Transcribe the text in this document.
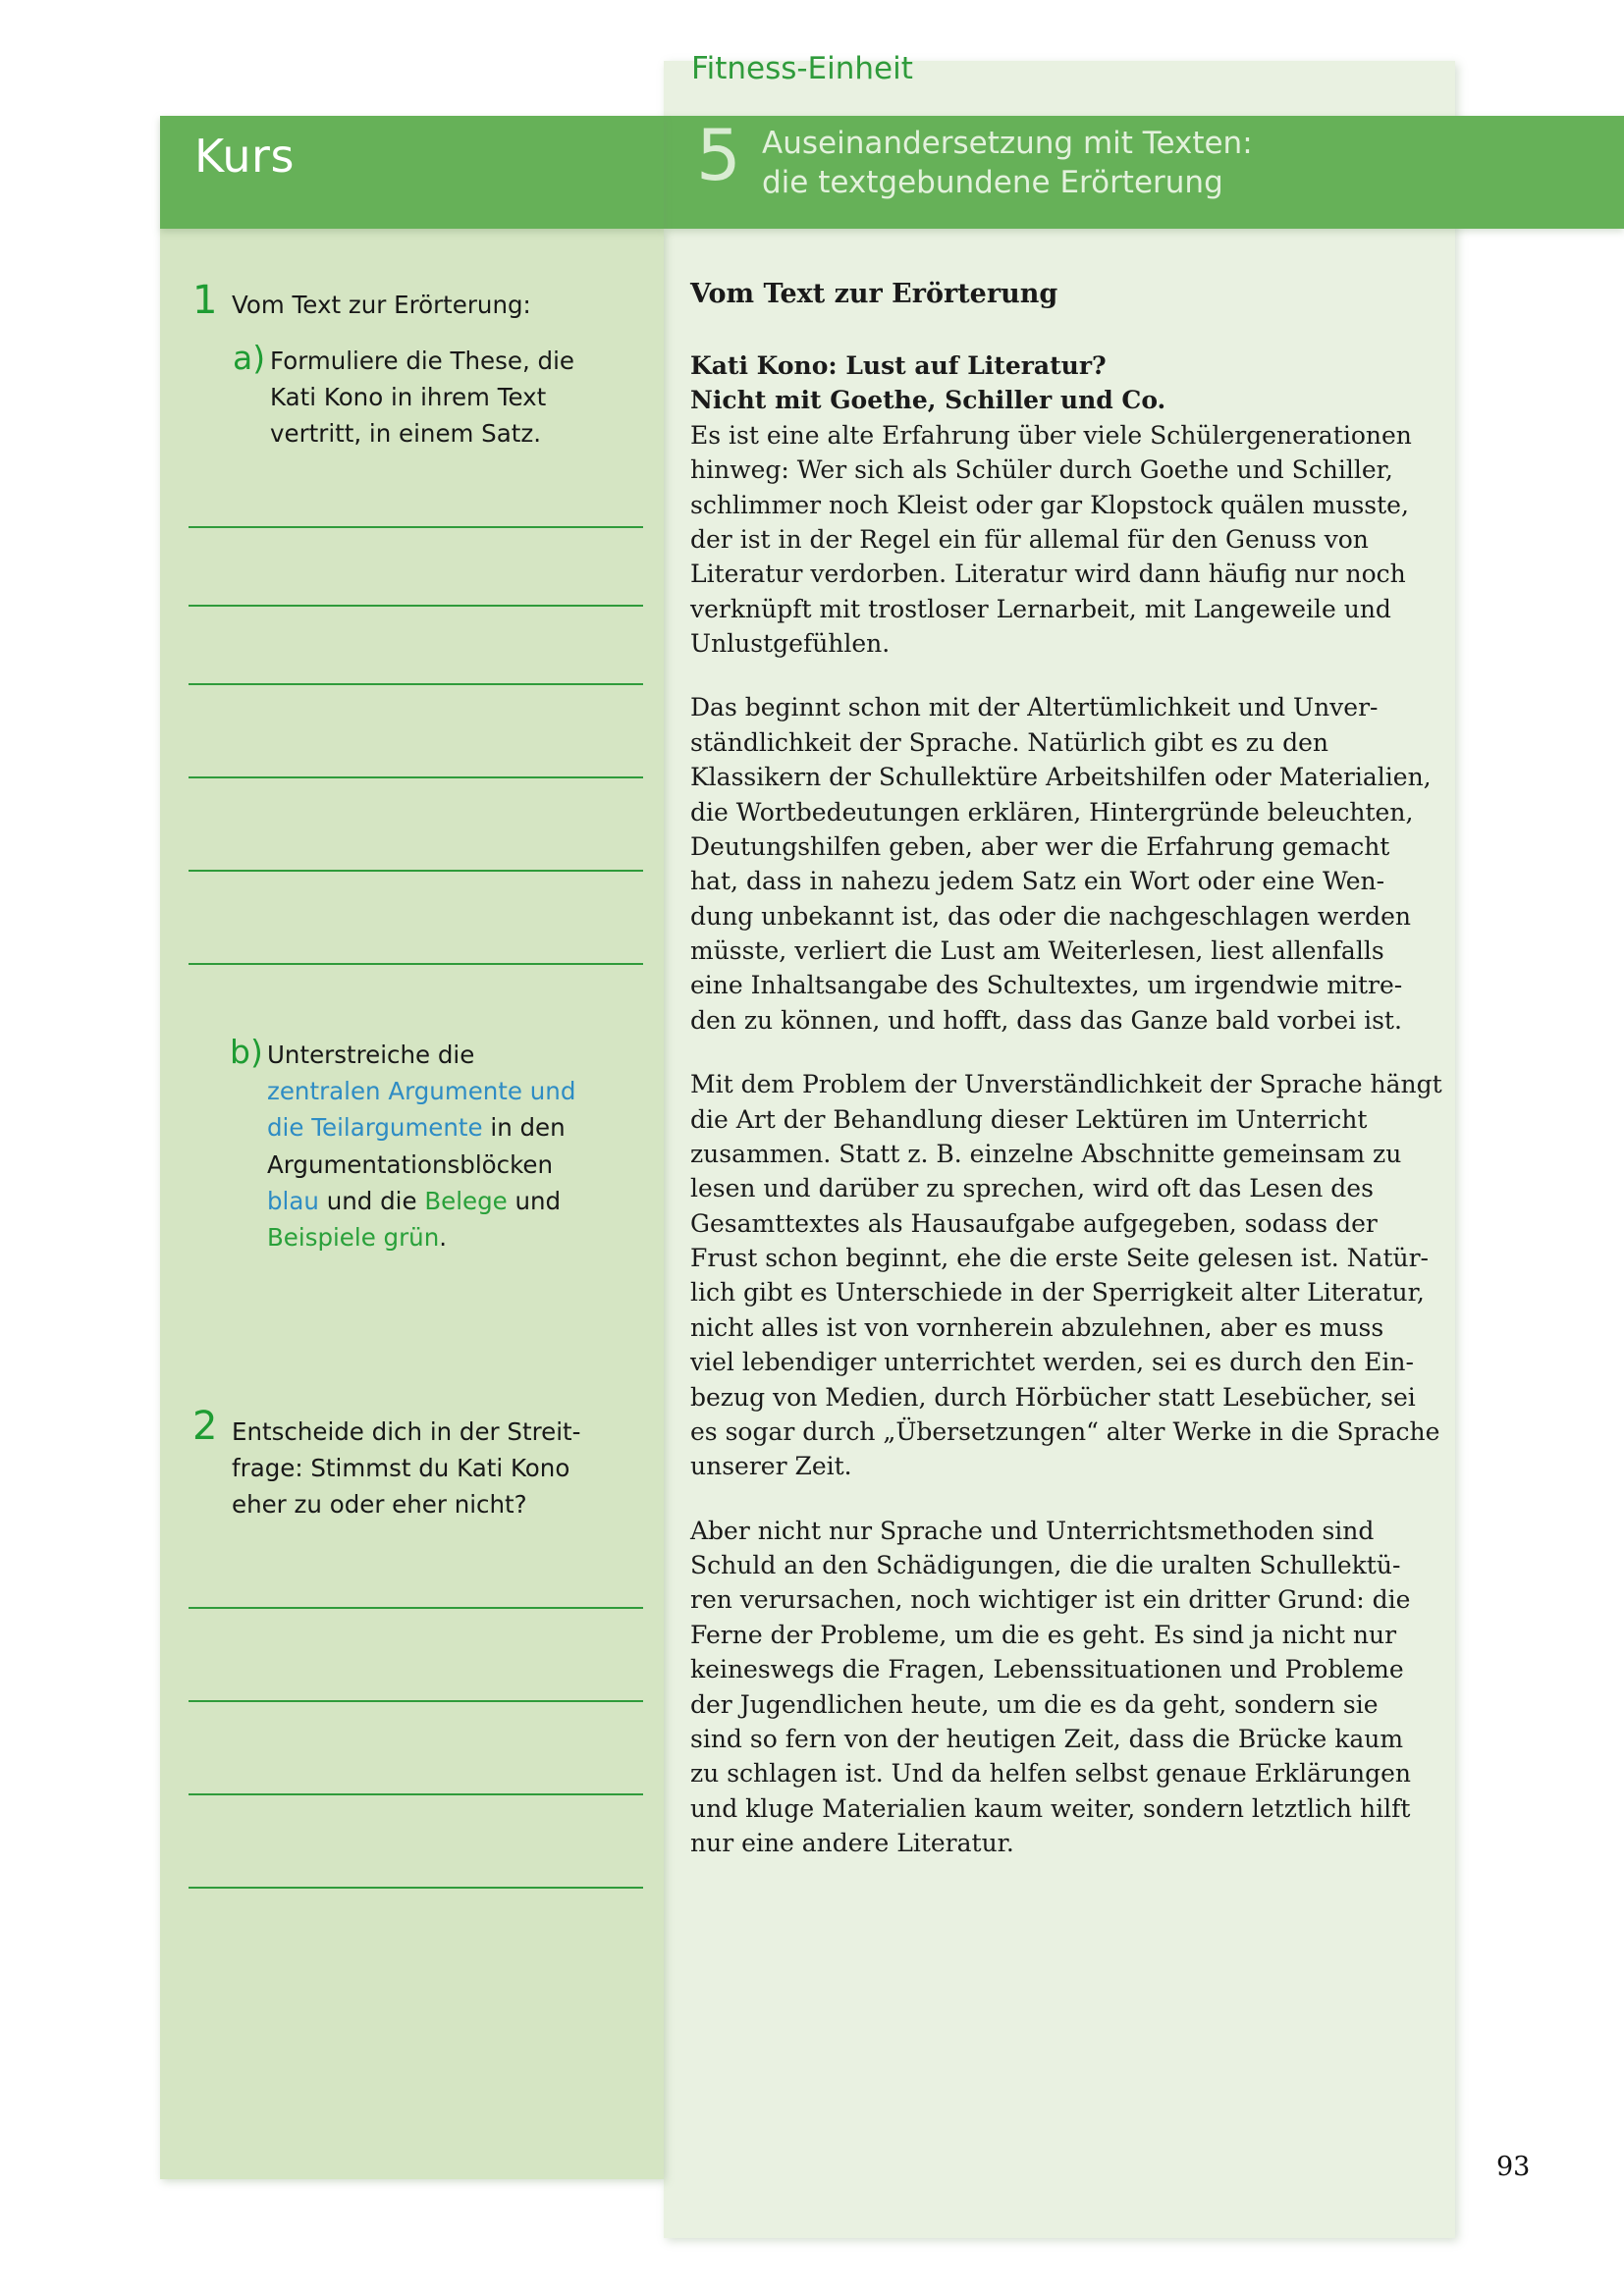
Kurs
Fitness-Einheit
5 Auseinandersetzung mit Texten:
die textgebundene Erörterung
1 Vom Text zur Erörterung:
a) Formuliere die These, die
Kati Kono in ihrem Text
vertritt, in einem Satz.
b) Unterstreiche die
zentralen Argumente und
die Teilargumente in den
Argumentationsblöcken
blau und die Belege und
Beispiele grün.
2 Entscheide dich in der Streit-
frage: Stimmst du Kati Kono
eher zu oder eher nicht?
Vom Text zur Erörterung
Kati Kono: Lust auf Literatur?
Nicht mit Goethe, Schiller und Co.

Es ist eine alte Erfahrung über viele Schülergenerationen
hinweg: Wer sich als Schüler durch Goethe und Schiller,
schlimmer noch Kleist oder gar Klopstock quälen musste,
der ist in der Regel ein für allemal für den Genuss von
Literatur verdorben. Literatur wird dann häufig nur noch
verknüpft mit trostloser Lernarbeit, mit Langeweile und
Unlustgefühlen.

Das beginnt schon mit der Altertümlichkeit und Unver-
ständlichkeit der Sprache. Natürlich gibt es zu den
Klassikern der Schullektüre Arbeitshilfen oder Materialien,
die Wortbedeutungen erklären, Hintergründe beleuchten,
Deutungshilfen geben, aber wer die Erfahrung gemacht
hat, dass in nahezu jedem Satz ein Wort oder eine Wen-
dung unbekannt ist, das oder die nachgeschlagen werden
müsste, verliert die Lust am Weiterlesen, liest allenfalls
eine Inhaltsangabe des Schultextes, um irgendwie mitre-
den zu können, und hofft, dass das Ganze bald vorbei ist.

Mit dem Problem der Unverständlichkeit der Sprache hängt
die Art der Behandlung dieser Lektüren im Unterricht
zusammen. Statt z. B. einzelne Abschnitte gemeinsam zu
lesen und darüber zu sprechen, wird oft das Lesen des
Gesamttextes als Hausaufgabe aufgegeben, sodass der
Frust schon beginnt, ehe die erste Seite gelesen ist. Natür-
lich gibt es Unterschiede in der Sperrigkeit alter Literatur,
nicht alles ist von vornherein abzulehnen, aber es muss
viel lebendiger unterrichtet werden, sei es durch den Ein-
bezug von Medien, durch Hörbücher statt Lesebücher, sei
es sogar durch „Übersetzungen“ alter Werke in die Sprache
unserer Zeit.

Aber nicht nur Sprache und Unterrichtsmethoden sind
Schuld an den Schädigungen, die die uralten Schullektü-
ren verursachen, noch wichtiger ist ein dritter Grund: die
Ferne der Probleme, um die es geht. Es sind ja nicht nur
keineswegs die Fragen, Lebenssituationen und Probleme
der Jugendlichen heute, um die es da geht, sondern sie
sind so fern von der heutigen Zeit, dass die Brücke kaum
zu schlagen ist. Und da helfen selbst genaue Erklärungen
und kluge Materialien kaum weiter, sondern letztlich hilft
nur eine andere Literatur.

93
